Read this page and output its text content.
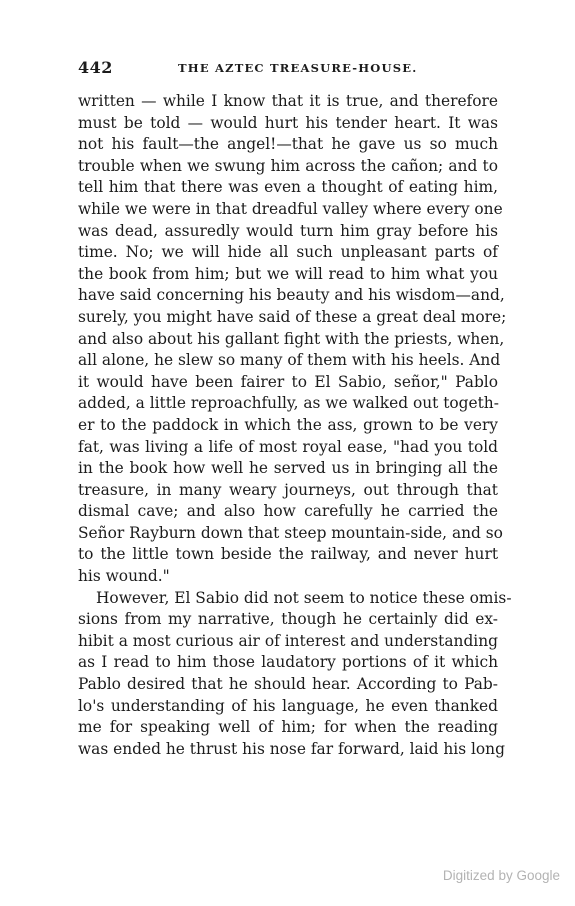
442	THE AZTEC TREASURE-HOUSE.
written — while I know that it is true, and therefore
must be told — would hurt his tender heart. It was
not his fault—the angel!—that he gave us so much
trouble when we swung him across the cañon; and to
tell him that there was even a thought of eating him,
while we were in that dreadful valley where every one
was dead, assuredly would turn him gray before his
time. No; we will hide all such unpleasant parts of
the book from him; but we will read to him what you
have said concerning his beauty and his wisdom—and,
surely, you might have said of these a great deal more;
and also about his gallant fight with the priests, when,
all alone, he slew so many of them with his heels. And
it would have been fairer to El Sabio, señor," Pablo
added, a little reproachfully, as we walked out togeth-
er to the paddock in which the ass, grown to be very
fat, was living a life of most royal ease, "had you told
in the book how well he served us in bringing all the
treasure, in many weary journeys, out through that
dismal cave; and also how carefully he carried the
Señor Rayburn down that steep mountain-side, and so
to the little town beside the railway, and never hurt
his wound."
However, El Sabio did not seem to notice these omis-
sions from my narrative, though he certainly did ex-
hibit a most curious air of interest and understanding
as I read to him those laudatory portions of it which
Pablo desired that he should hear. According to Pab-
lo's understanding of his language, he even thanked
me for speaking well of him; for when the reading
was ended he thrust his nose far forward, laid his long
Digitized by Google
